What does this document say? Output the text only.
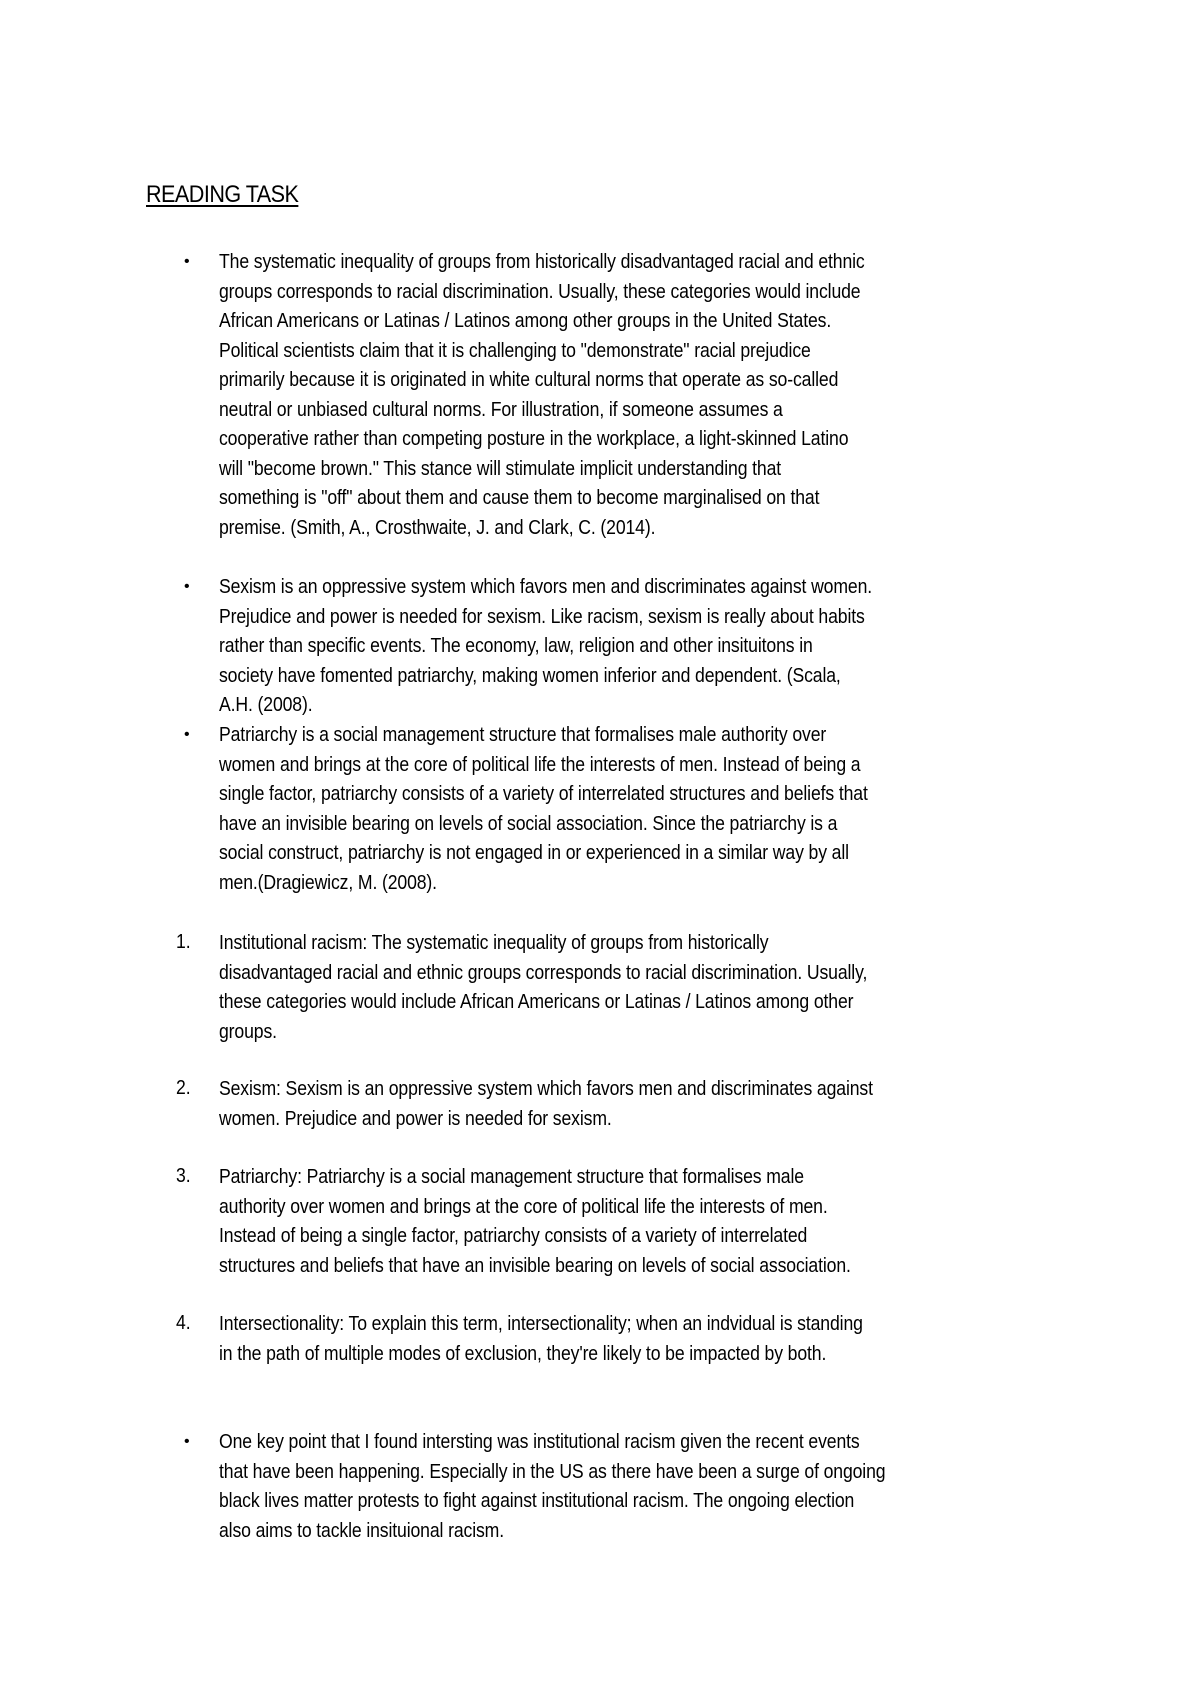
READING TASK
• The systematic inequality of groups from historically disadvantaged racial and ethnic
groups corresponds to racial discrimination. Usually, these categories would include
African Americans or Latinas / Latinos among other groups in the United States.
Political scientists claim that it is challenging to "demonstrate" racial prejudice
primarily because it is originated in white cultural norms that operate as so-called
neutral or unbiased cultural norms. For illustration, if someone assumes a
cooperative rather than competing posture in the workplace, a light-skinned Latino
will "become brown." This stance will stimulate implicit understanding that
something is "off" about them and cause them to become marginalised on that
premise. (Smith, A., Crosthwaite, J. and Clark, C. (2014).
• Sexism is an oppressive system which favors men and discriminates against women.
Prejudice and power is needed for sexism. Like racism, sexism is really about habits
rather than specific events. The economy, law, religion and other insituitons in
society have fomented patriarchy, making women inferior and dependent. (Scala,
A.H. (2008).
• Patriarchy is a social management structure that formalises male authority over
women and brings at the core of political life the interests of men. Instead of being a
single factor, patriarchy consists of a variety of interrelated structures and beliefs that
have an invisible bearing on levels of social association. Since the patriarchy is a
social construct, patriarchy is not engaged in or experienced in a similar way by all
men.(Dragiewicz, M. (2008).
1. Institutional racism: The systematic inequality of groups from historically
disadvantaged racial and ethnic groups corresponds to racial discrimination. Usually,
these categories would include African Americans or Latinas / Latinos among other
groups.
2. Sexism: Sexism is an oppressive system which favors men and discriminates against
women. Prejudice and power is needed for sexism.
3. Patriarchy: Patriarchy is a social management structure that formalises male
authority over women and brings at the core of political life the interests of men.
Instead of being a single factor, patriarchy consists of a variety of interrelated
structures and beliefs that have an invisible bearing on levels of social association.
4. Intersectionality: To explain this term, intersectionality; when an indvidual is standing
in the path of multiple modes of exclusion, they're likely to be impacted by both.
• One key point that I found intersting was institutional racism given the recent events
that have been happening. Especially in the US as there have been a surge of ongoing
black lives matter protests to fight against institutional racism. The ongoing election
also aims to tackle insituional racism.
